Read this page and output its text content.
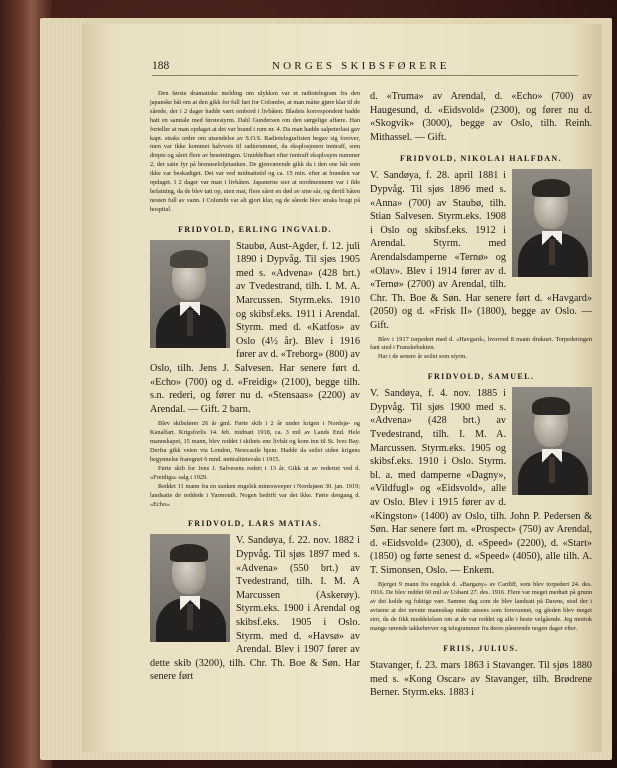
188	NORGES SKIBSFØRERE

Den første dramatiske melding om ulykken var et radiotelegram fra den japanske båt om at den gikk for full fart for Colombo, at man måtte gjøre klar til de sårede, der i 2 dager hadde vært ombord i livbåten. Bladets korrespondent hadde hatt en samtale med førstestyrm. Dahl Gundersen om den sørgelige affære. Han forteller at man opdaget at det var brand i rum nr. 4. Da man hadde salpeterlast gav kapt. straks ordre om utsendelse av S.O.S. Radiotelegrafisten begav sig forover, men var ikke kommet halvveis til radiorummet, da eksplosjonen inntraff, som drepte og såret flere av besetningen. Umiddelbart efter inntraff eksplosjon nummer 2, der satte fyr på brennseloljetanken. De gjenværende gikk da i den ene båt som ikke var beskadiget. Det var ved midnattstid og ca. 15 min. efter at branden var opdaget. I 2 dager var man i livbåten. Japanerne sier at nordmennene var i ilde befatning, da de blev tatt op, uten mat, flere såret en død av sine sår, og dertil båten nesten full av vann. I Columbi var alt gjort klar, og de sårede blev straks bragt på hospital.

FRIDVOLD, ERLING INGVALD.

Staubø, Aust-Agder, f. 12. juli 1890 i Dypvåg. Til sjøs 1905 med s. «Advena» (428 brt.) av Tvedestrand, tilh. I. M. A. Marcussen. Styrm.eks. 1910 og skibsf.eks. 1911 i Arendal. Styrm. med d. «Katfos» av Oslo (4½ år). Blev i 1916 fører av d. «Treborg» (800) av Oslo, tilh. Jens J. Salvesen. Har senere ført d. «Echo» (700) og d. «Freidig» (2100), begge tilh. s.n. rederi, og fører nu d. «Stensaas» (2200) av Arendal. — Gift. 2 barn.

Blev skibsfører 26 år gml. Førte skib i 2 år under krigen i Nordsjø- og Kanalfart. Krigsforlis 14. feb. midnatt 1918, ca. 3 mil av Lands End. Hele mannskapet, 15 mann, blev reddet i skibets ene livbåt og kom inn til St. Ives Bay. Derfra gikk veien via London, Newcastle hjem. Hadde da seilet siden krigens begynnelse fraregnet 6 mnd. nøitralitetsvakt i 1915.

Førte skib for Jens J. Salvesens rederi i 13 år. Gikk ut av rederiet ved d. «Freidigs» salg i 1929.

Reddet 11 mann fra en sunken engelsk minesweeper i Nordsjøen 30. jan. 1919; landsatte de reddede i Yarmouth. Nogen bedrift var det ikke. Førte dengang d. «Echo».

FRIDVOLD, LARS MATIAS.

V. Sandøya, f. 22. nov. 1882 i Dypvåg. Til sjøs 1897 med s. «Advena» (550 brt.) av Tvedestrand, tilh. I. M. A Marcussen (Askerøy). Styrm.eks. 1900 i Arendal og skibsf.eks. 1905 i Oslo. Styrm. med d. «Havsø» av Arendal. Blev i 1907 fører av dette skib (3200), tilh. Chr. Th. Boe & Søn. Har senere ført

d. «Truma» av Arendal, d. «Echo» (700) av Haugesund, d. «Eidsvold» (2300), og fører nu d. «Skogvik» (3000), begge av Oslo, tilh. Reinh. Mithassel. — Gift.

FRIDVOLD, NIKOLAI HALFDAN.

V. Sandøya, f. 28. april 1881 i Dypvåg. Til sjøs 1896 med s. «Anna» (700) av Staubø, tilh. Stian Salvesen. Styrm.eks. 1908 i Oslo og skibsf.eks. 1912 i Arendal. Styrm. med Arendalsdamperne «Ternø» og «Olav». Blev i 1914 fører av d. «Ternø» (2700) av Arendal, tilh. Chr. Th. Boe & Søn. Har senere ført d. «Havgard» (2050) og d. «Frisk II» (1800), begge av Oslo. — Gift.

Blev i 1917 torpedert med d. «Havgard», hvorved 8 mann druknet. Torpederingen fant sted i Franskebukten.

Har i de senere år seilet som styrm.

FRIDVOLD, SAMUEL.

V. Sandøya, f. 4. nov. 1885 i Dypvåg. Til sjøs 1900 med s. «Advena» (428 brt.) av Tvedestrand, tilh. I. M. A. Marcussen. Styrm.eks. 1905 og skibsf.eks. 1910 i Oslo. Styrm. bl. a. med damperne «Dagny», «Vildfugl» og «Eidsvold», alle av Oslo. Blev i 1915 fører av d. «Kingston» (1400) av Oslo, tilh. John P. Pedersen & Søn. Har senere ført m. «Prospect» (750) av Arendal, d. «Eidsvold» (2300), d. «Speed» (2200), d. «Start» (1850) og førte senest d. «Speed» (4050), alle tilh. A. T. Simonsen, Oslo. — Enkem.

Bjerget 9 mann fra engelsk d. «Bargany» av Cardiff, som blev torpedert 24. des. 1916. De blev reddet 60 mil av Ushant 27. des. 1916. Flere var meget medtatt på grunn av det kolde og fuktige vær. Samme dag som de blev landsatt på Dawns, stod der i avisene at det nevnte mannskap måtte ansees som forsvunnet, og gleden blev meget stor, da de fikk meddelelsen om at de var reddet og alle i beste velgående. Jeg mottok mange rørende takkebrever og telegrammer fra deres pårørende nogen dager efter.

FRIIS, JULIUS.

Stavanger, f. 23. mars 1863 i Stavanger. Til sjøs 1880 med s. «Kong Oscar» av Stavanger, tilh. Brødrene Berner. Styrm.eks. 1883 i
